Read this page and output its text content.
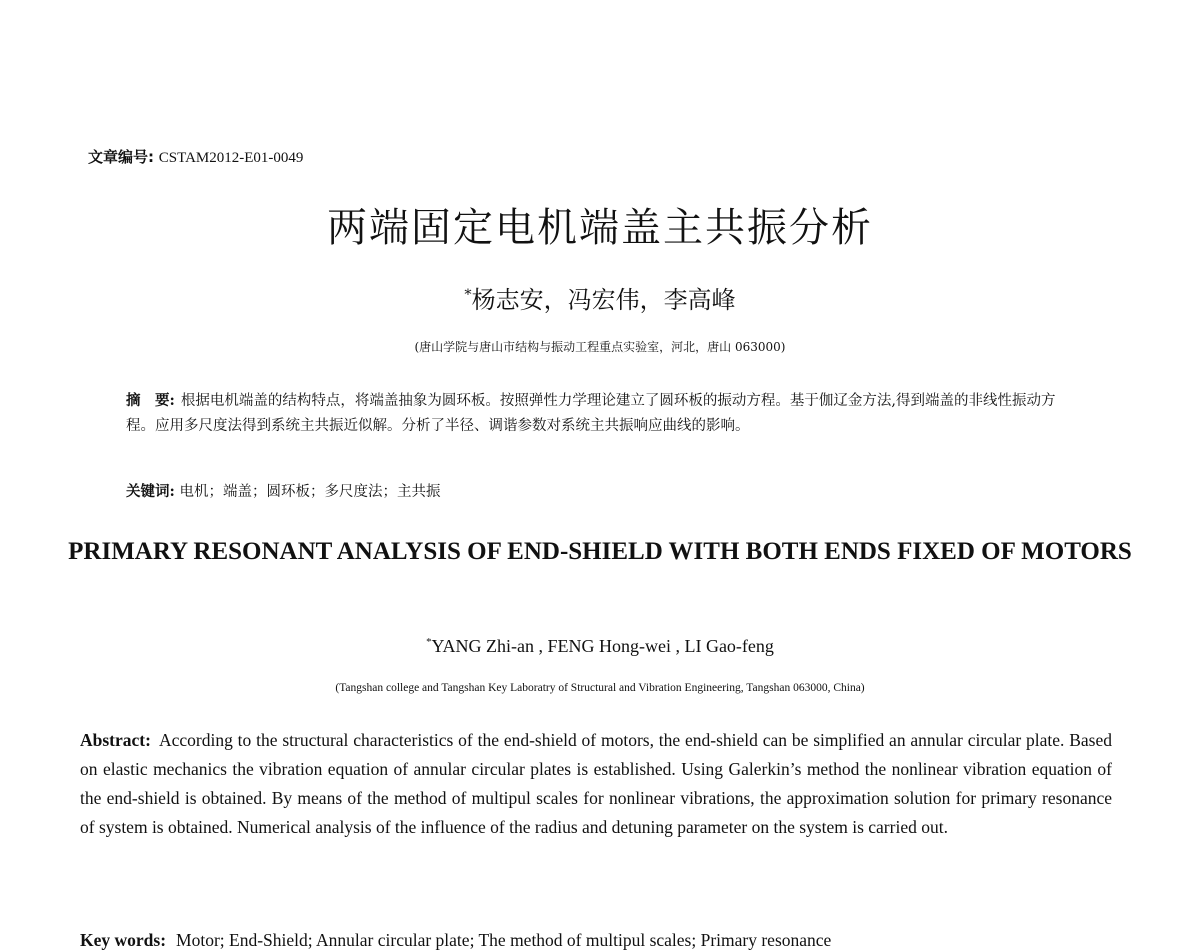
文章编号: CSTAM2012-E01-0049
两端固定电机端盖主共振分析
*杨志安，冯宏伟，李高峰
(唐山学院与唐山市结构与振动工程重点实验室，河北，唐山 063000)
摘　要: 根据电机端盖的结构特点，将端盖抽象为圆环板。按照弹性力学理论建立了圆环板的振动方程。基于伽辽金方法,得到端盖的非线性振动方程。应用多尺度法得到系统主共振近似解。分析了半径、调谐参数对系统主共振响应曲线的影响。
关键词: 电机；端盖；圆环板；多尺度法；主共振
PRIMARY RESONANT ANALYSIS OF END-SHIELD WITH BOTH ENDS FIXED OF MOTORS
*YANG Zhi-an , FENG Hong-wei , LI Gao-feng
(Tangshan college and Tangshan Key Laboratry of Structural and Vibration Engineering, Tangshan 063000, China)
Abstract: According to the structural characteristics of the end-shield of motors, the end-shield can be simplified an annular circular plate. Based on elastic mechanics the vibration equation of annular circular plates is established. Using Galerkin’s method the nonlinear vibration equation of the end-shield is obtained. By means of the method of multipul scales for nonlinear vibrations, the approximation solution for primary resonance of system is obtained. Numerical analysis of the influence of the radius and detuning parameter on the system is carried out.
Key words: Motor; End-Shield; Annular circular plate; The method of multipul scales; Primary resonance
